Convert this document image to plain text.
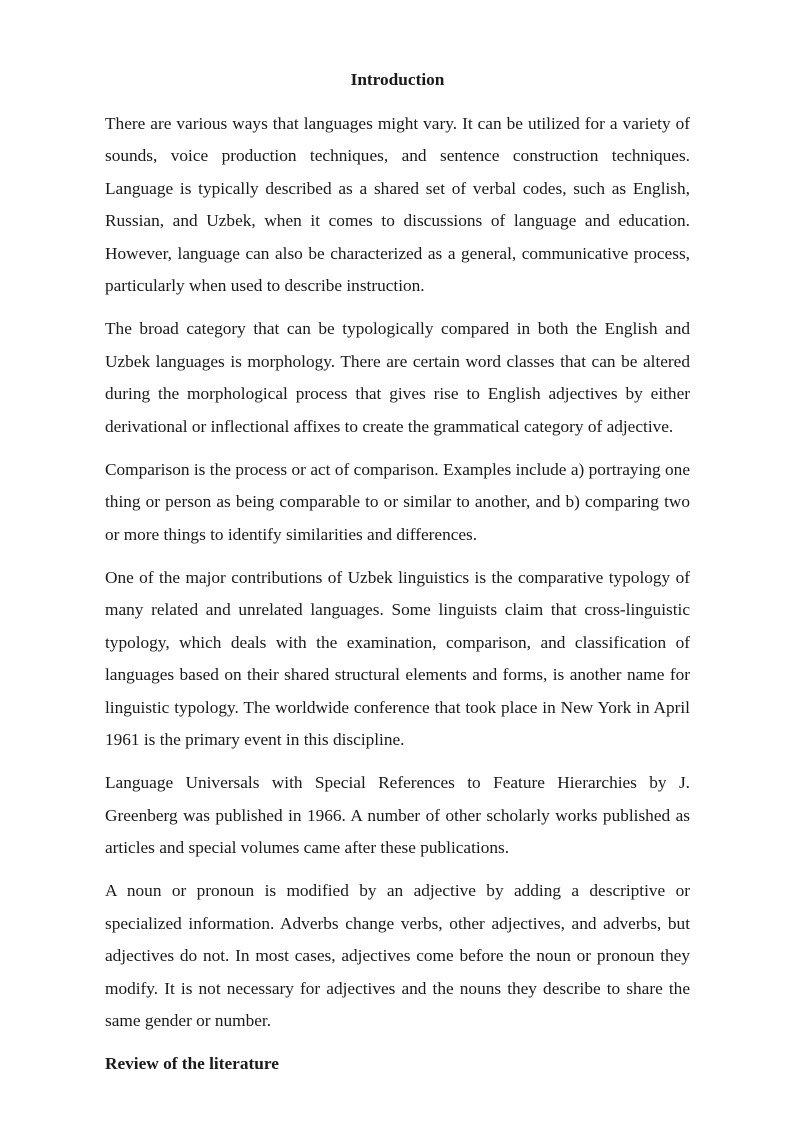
Introduction

There are various ways that languages might vary. It can be utilized for a variety of sounds, voice production techniques, and sentence construction techniques. Language is typically described as a shared set of verbal codes, such as English, Russian, and Uzbek, when it comes to discussions of language and education. However, language can also be characterized as a general, communicative process, particularly when used to describe instruction.

The broad category that can be typologically compared in both the English and Uzbek languages is morphology. There are certain word classes that can be altered during the morphological process that gives rise to English adjectives by either derivational or inflectional affixes to create the grammatical category of adjective.

Comparison is the process or act of comparison. Examples include a) portraying one thing or person as being comparable to or similar to another, and b) comparing two or more things to identify similarities and differences.

One of the major contributions of Uzbek linguistics is the comparative typology of many related and unrelated languages. Some linguists claim that cross-linguistic typology, which deals with the examination, comparison, and classification of languages based on their shared structural elements and forms, is another name for linguistic typology. The worldwide conference that took place in New York in April 1961 is the primary event in this discipline.

Language Universals with Special References to Feature Hierarchies by J. Greenberg was published in 1966. A number of other scholarly works published as articles and special volumes came after these publications.

A noun or pronoun is modified by an adjective by adding a descriptive or specialized information. Adverbs change verbs, other adjectives, and adverbs, but adjectives do not. In most cases, adjectives come before the noun or pronoun they modify. It is not necessary for adjectives and the nouns they describe to share the same gender or number.

Review of the literature
